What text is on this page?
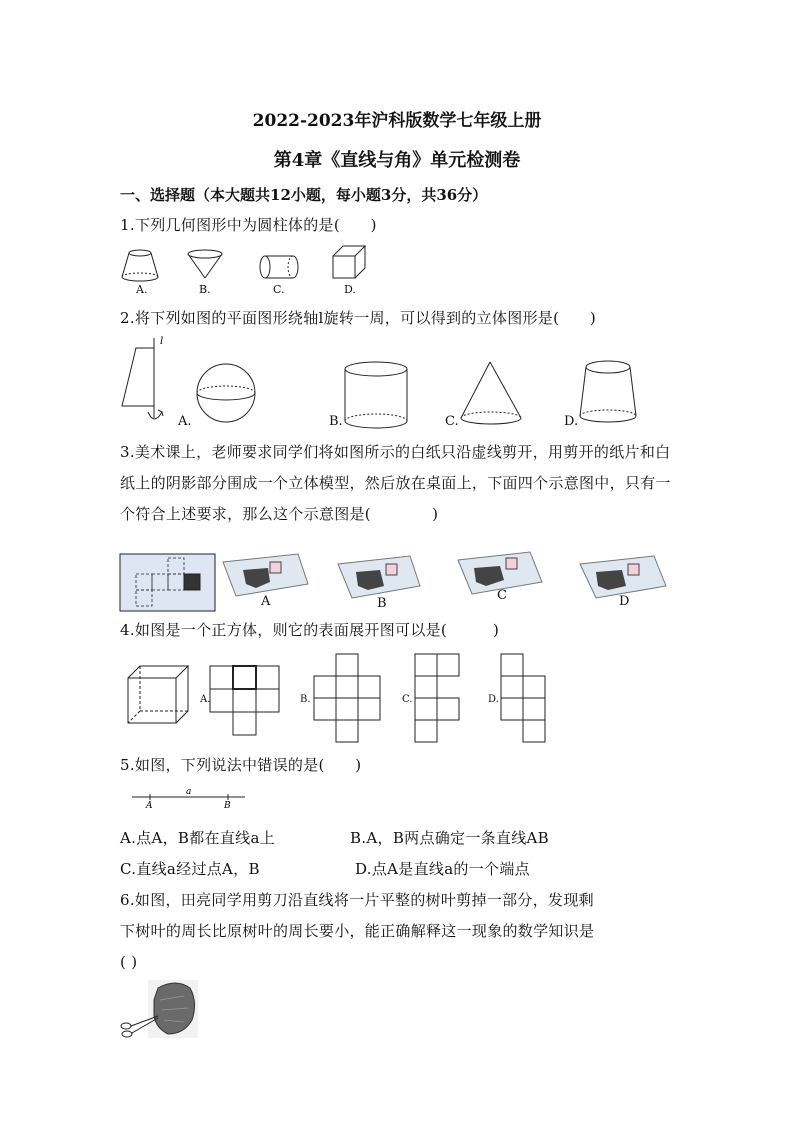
2022-2023年沪科版数学七年级上册
第4章《直线与角》单元检测卷
一、选择题（本大题共12小题，每小题3分，共36分）
1.下列几何图形中为圆柱体的是(　　)
A.	B.	C.	D.
2.将下列如图的平面图形绕轴l旋转一周，可以得到的立体图形是(　　)
l
A.	B.	C.	D.
3.美术课上，老师要求同学们将如图所示的白纸只沿虚线剪开，用剪开的纸片和白
纸上的阴影部分围成一个立体模型，然后放在桌面上，下面四个示意图中，只有一
个符合上述要求，那么这个示意图是(　　　　)
A	B
C	D
4.如图是一个正方体，则它的表面展开图可以是(　　　)
A.	B.	C.	D.
5.如图，下列说法中错误的是(　　)
a
A	B
A.点A，B都在直线a上	B.A，B两点确定一条直线AB
C.直线a经过点A，B	D.点A是直线a的一个端点
6.如图，田亮同学用剪刀沿直线将一片平整的树叶剪掉一部分，发现剩
下树叶的周长比原树叶的周长要小，能正确解释这一现象的数学知识是
( )
